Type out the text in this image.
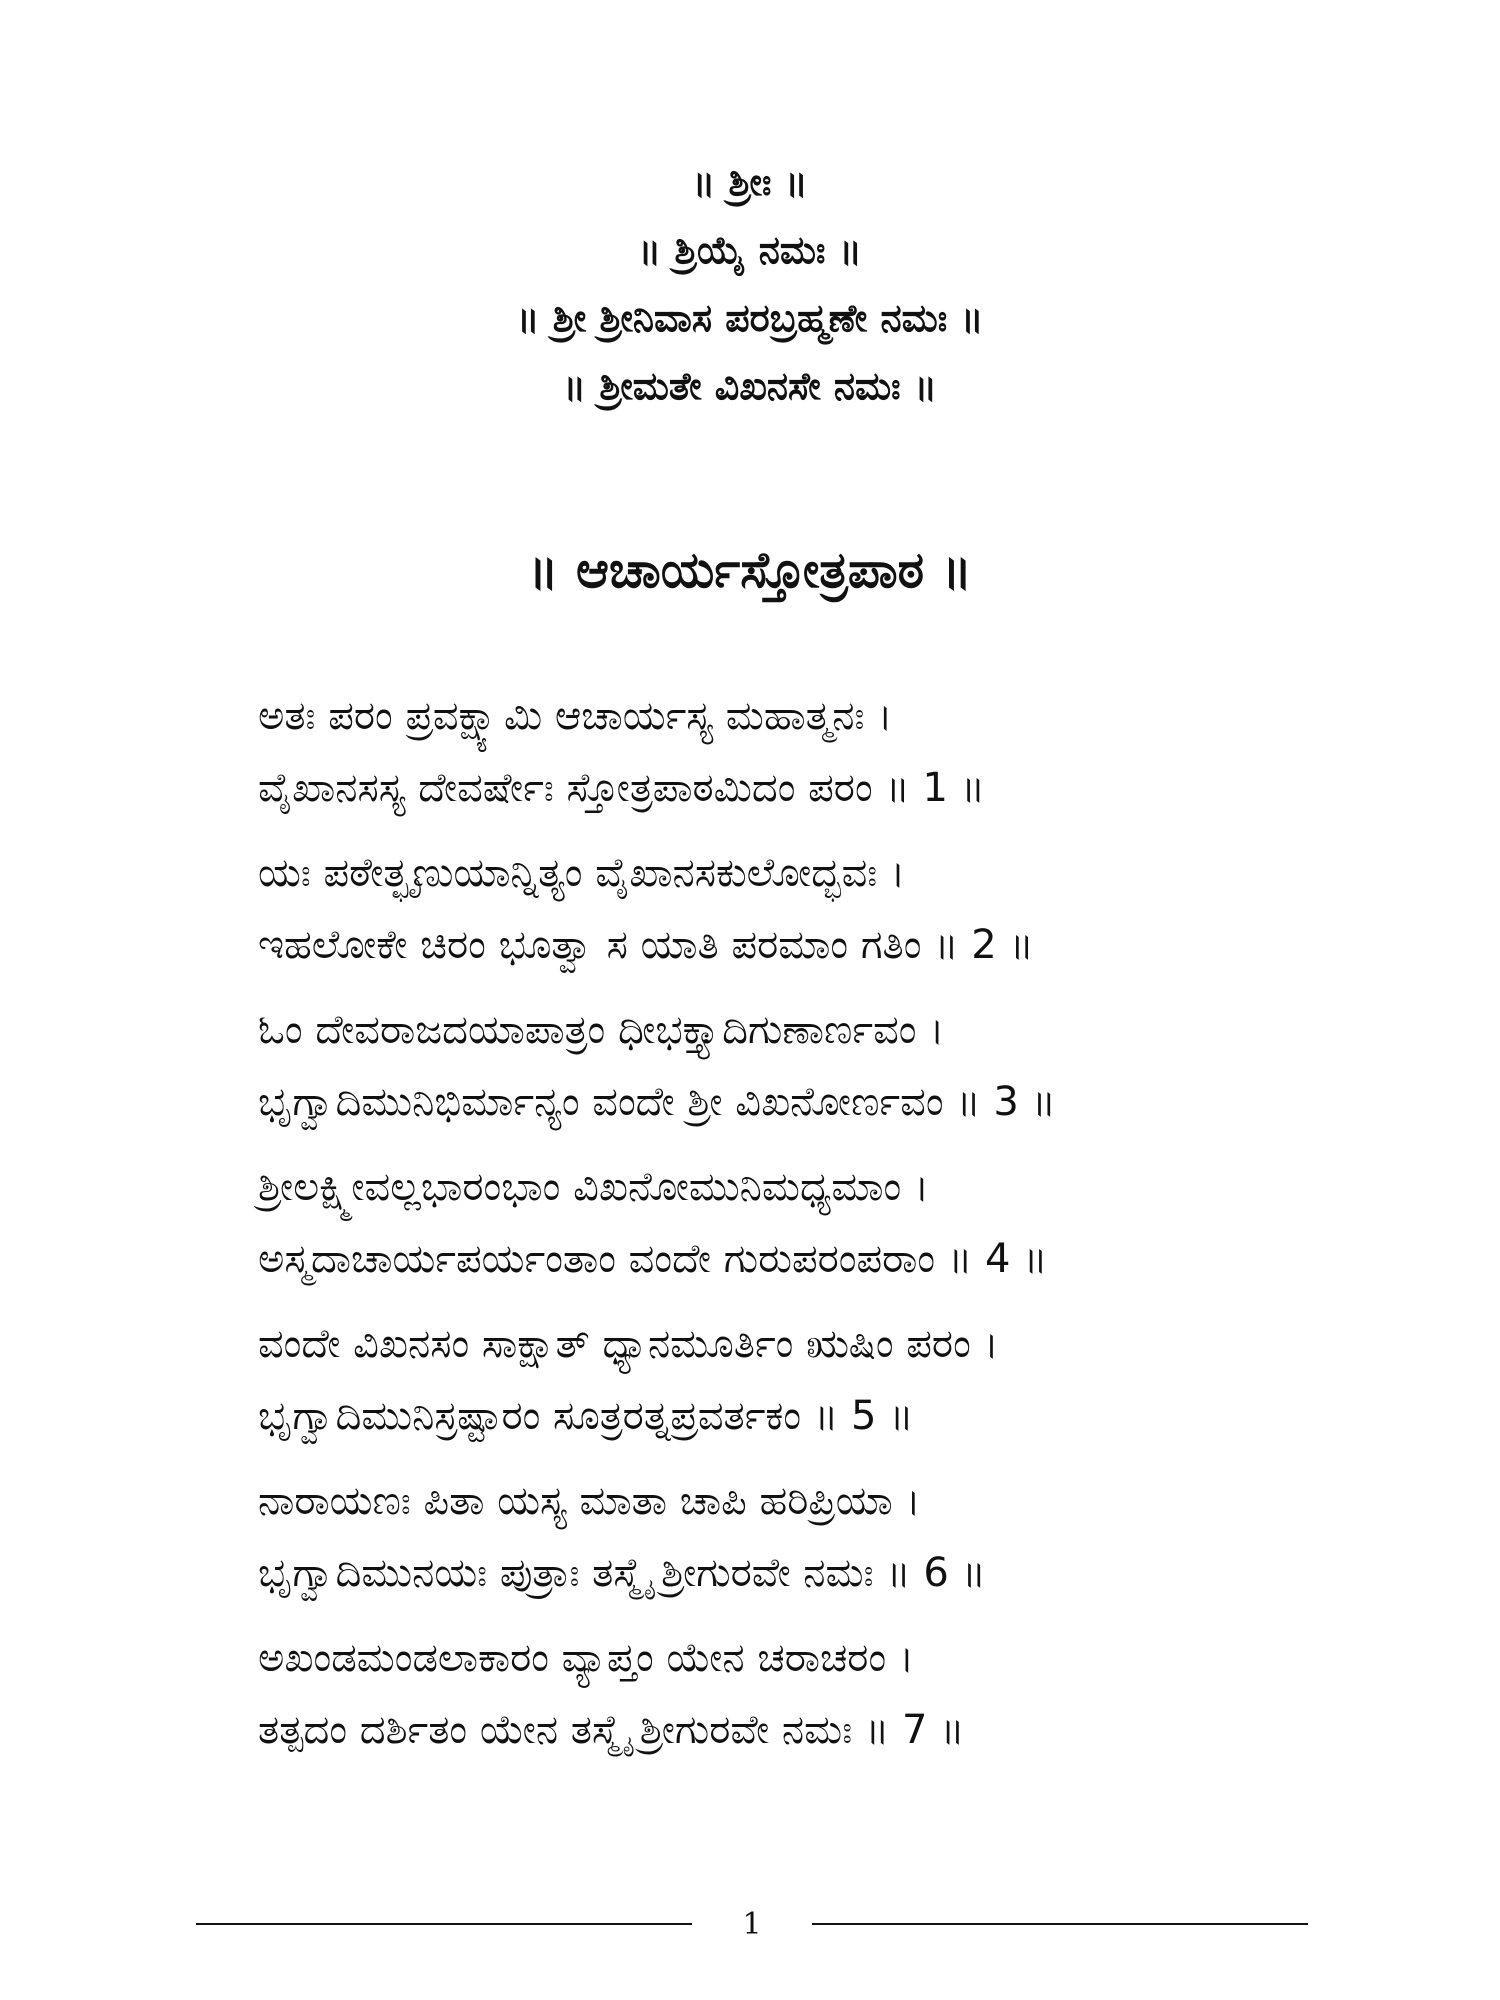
॥ ಶ್ರೀಃ ॥
॥ ಶ್ರಿಯೈ ನಮಃ ॥
॥ ಶ್ರೀ ಶ್ರೀನಿವಾಸ ಪರಬ್ರಹ್ಮಣೇ ನಮಃ ॥
॥ ಶ್ರೀಮತೇ ವಿಖನಸೇ ನಮಃ ॥
॥ ಆಚಾರ್ಯಸ್ತೋತ್ರಪಾಠ ॥
ಅತಃ ಪರಂ ಪ್ರವಕ್ಷ್ಯಾಮಿ ಆಚಾರ್ಯಸ್ಯ ಮಹಾತ್ಮನಃ ।
ವೈಖಾನಸಸ್ಯ ದೇವರ್ಷೇಃ ಸ್ತೋತ್ರಪಾಠಮಿದಂ ಪರಂ ॥ 1 ॥
ಯಃ ಪಠೇತ್ಛೃಣುಯಾನ್ನಿತ್ಯಂ ವೈಖಾನಸಕುಲೋದ್ಭವಃ ।
ಇಹಲೋಕೇ ಚಿರಂ ಭೂತ್ವಾ ಸ ಯಾತಿ ಪರಮಾಂ ಗತಿಂ ॥ 2 ॥
ಓಂ ದೇವರಾಜದಯಾಪಾತ್ರಂ ಧೀಭಕ್ತ್ಯಾದಿಗುಣಾರ್ಣವಂ ।
ಭೃಗ್ವಾದಿಮುನಿಭಿರ್ಮಾನ್ಯಂ ವಂದೇ ಶ್ರೀ ವಿಖನೋರ್ಣವಂ ॥ 3 ॥
ಶ್ರೀಲಕ್ಷ್ಮೀವಲ್ಲಭಾರಂಭಾಂ ವಿಖನೋಮುನಿಮಧ್ಯಮಾಂ ।
ಅಸ್ಮದಾಚಾರ್ಯಪರ್ಯಂತಾಂ ವಂದೇ ಗುರುಪರಂಪರಾಂ ॥ 4 ॥
ವಂದೇ ವಿಖನಸಂ ಸಾಕ್ಷಾತ್ ಧ್ಯಾನಮೂರ್ತಿಂ ಋಷಿಂ ಪರಂ ।
ಭೃಗ್ವಾದಿಮುನಿಸ್ರಷ್ಟಾರಂ ಸೂತ್ರರತ್ನಪ್ರವರ್ತಕಂ ॥ 5 ॥
ನಾರಾಯಣಃ ಪಿತಾ ಯಸ್ಯ ಮಾತಾ ಚಾಪಿ ಹರಿಪ್ರಿಯಾ ।
ಭೃಗ್ವಾದಿಮುನಯಃ ಪುತ್ರಾಃ ತಸ್ಮೈ ಶ್ರೀಗುರವೇ ನಮಃ ॥ 6 ॥
ಅಖಂಡಮಂಡಲಾಕಾರಂ ವ್ಯಾಪ್ತಂ ಯೇನ ಚರಾಚರಂ ।
ತತ್ಪದಂ ದರ್ಶಿತಂ ಯೇನ ತಸ್ಮೈ ಶ್ರೀಗುರವೇ ನಮಃ ॥ 7 ॥
1
